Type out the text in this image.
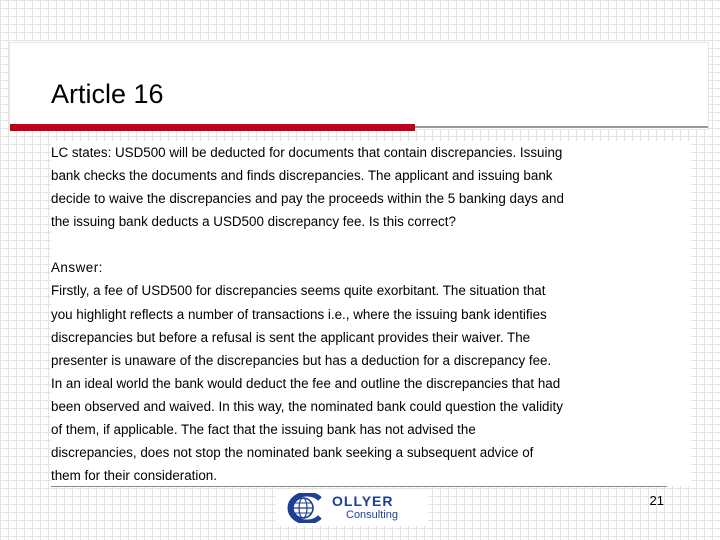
Article 16

LC states: USD500 will be deducted for documents that contain discrepancies. Issuing
bank checks the documents and finds discrepancies. The applicant and issuing bank
decide to waive the discrepancies and pay the proceeds within the 5 banking days and
the issuing bank deducts a USD500 discrepancy fee. Is this correct?

Answer:
Firstly, a fee of USD500 for discrepancies seems quite exorbitant. The situation that
you highlight reflects a number of transactions i.e., where the issuing bank identifies
discrepancies but before a refusal is sent the applicant provides their waiver. The
presenter is unaware of the discrepancies but has a deduction for a discrepancy fee.
In an ideal world the bank would deduct the fee and outline the discrepancies that had
been observed and waived. In this way, the nominated bank could question the validity
of them, if applicable. The fact that the issuing bank has not advised the
discrepancies, does not stop the nominated bank seeking a subsequent advice of
them for their consideration.

OLLYER
Consulting
21
